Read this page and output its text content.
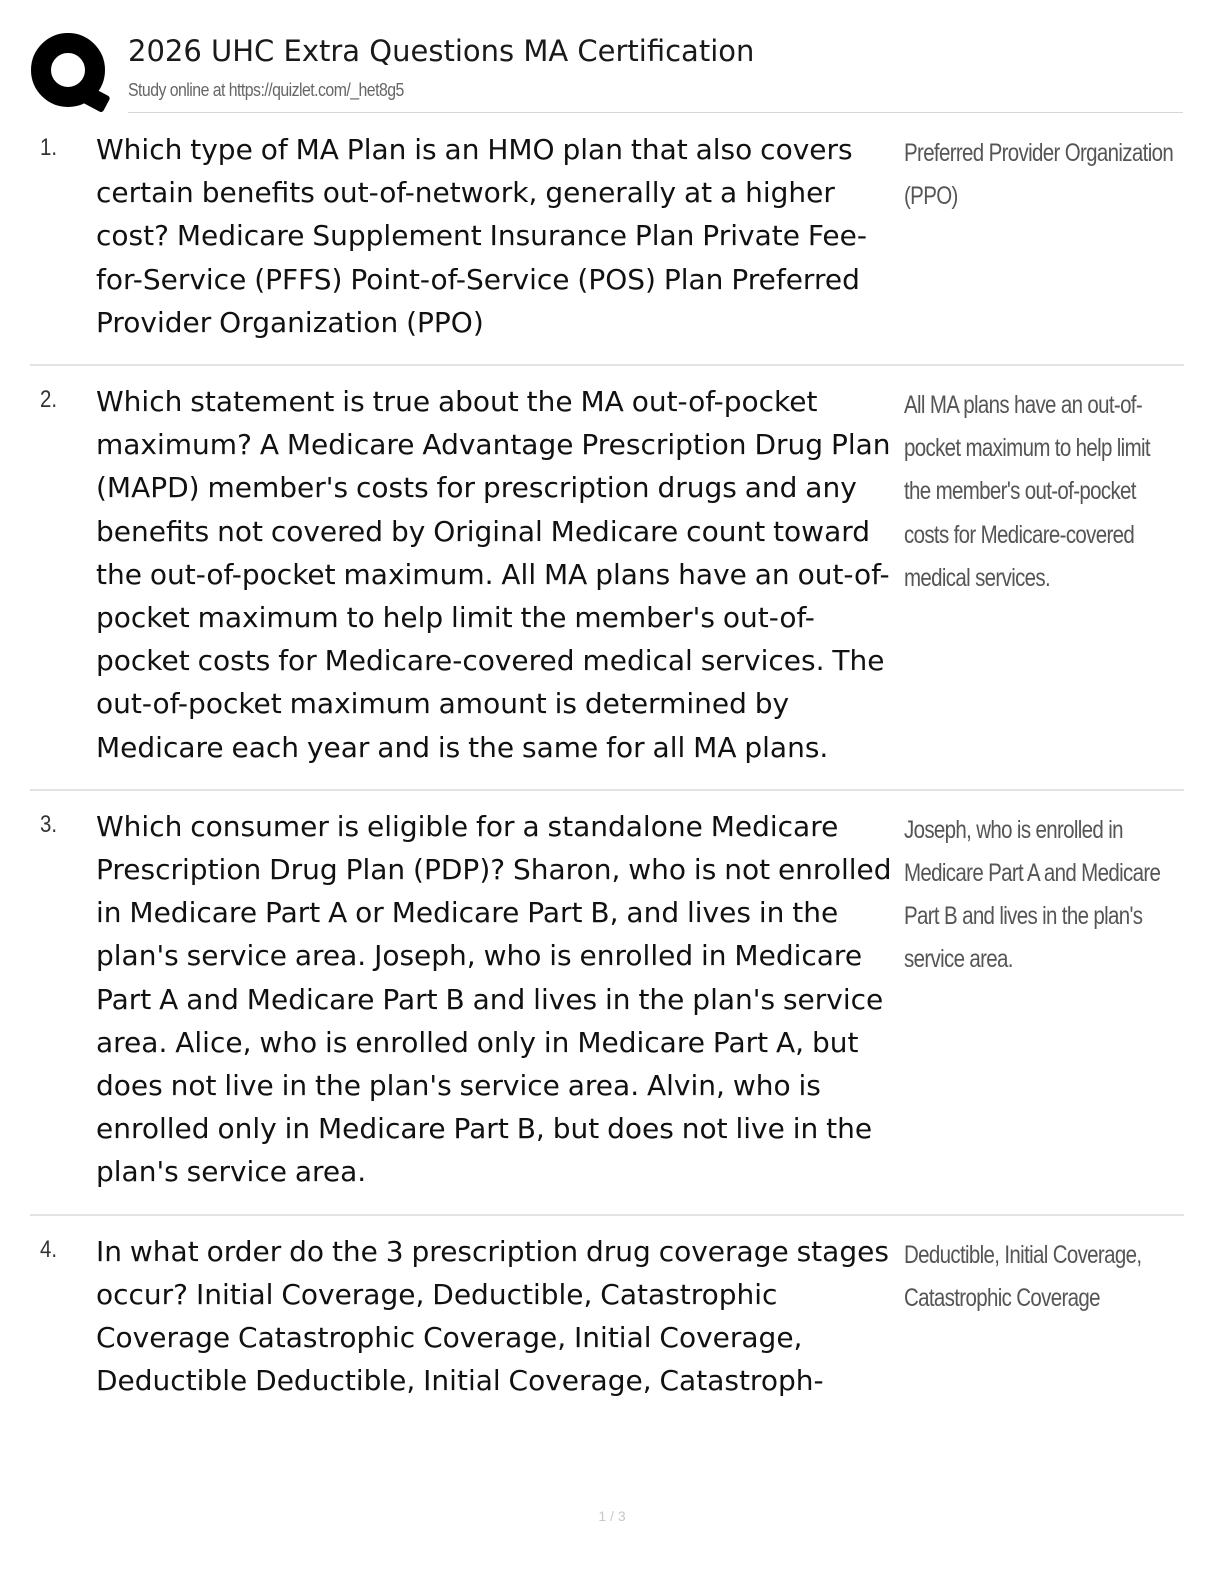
2026 UHC Extra Questions MA Certification
Study online at https://quizlet.com/_het8g5
1. Which type of MA Plan is an HMO plan that also covers certain benefits out-of-network, generally at a higher cost? Medicare Supplement Insurance Plan Private Fee-for-Service (PFFS) Point-of-Service (POS) Plan Preferred Provider Organization (PPO)
Preferred Provider Organization (PPO)
2. Which statement is true about the MA out-of-pocket maximum? A Medicare Advantage Prescription Drug Plan (MAPD) member's costs for prescription drugs and any benefits not covered by Original Medicare count toward the out-of-pocket maximum. All MA plans have an out-of-pocket maximum to help limit the member's out-of-pocket costs for Medicare-covered medical services. The out-of-pocket maximum amount is determined by Medicare each year and is the same for all MA plans.
All MA plans have an out-of-pocket maximum to help limit the member's out-of-pocket costs for Medicare-covered medical services.
3. Which consumer is eligible for a standalone Medicare Prescription Drug Plan (PDP)? Sharon, who is not enrolled in Medicare Part A or Medicare Part B, and lives in the plan's service area. Joseph, who is enrolled in Medicare Part A and Medicare Part B and lives in the plan's service area. Alice, who is enrolled only in Medicare Part A, but does not live in the plan's service area. Alvin, who is enrolled only in Medicare Part B, but does not live in the plan's service area.
Joseph, who is enrolled in Medicare Part A and Medicare Part B and lives in the plan's service area.
4. In what order do the 3 prescription drug coverage stages occur? Initial Coverage, Deductible, Catastrophic Coverage Catastrophic Coverage, Initial Coverage, Deductible Deductible, Initial Coverage, Catastroph-
Deductible, Initial Coverage, Catastrophic Coverage
1 / 3
